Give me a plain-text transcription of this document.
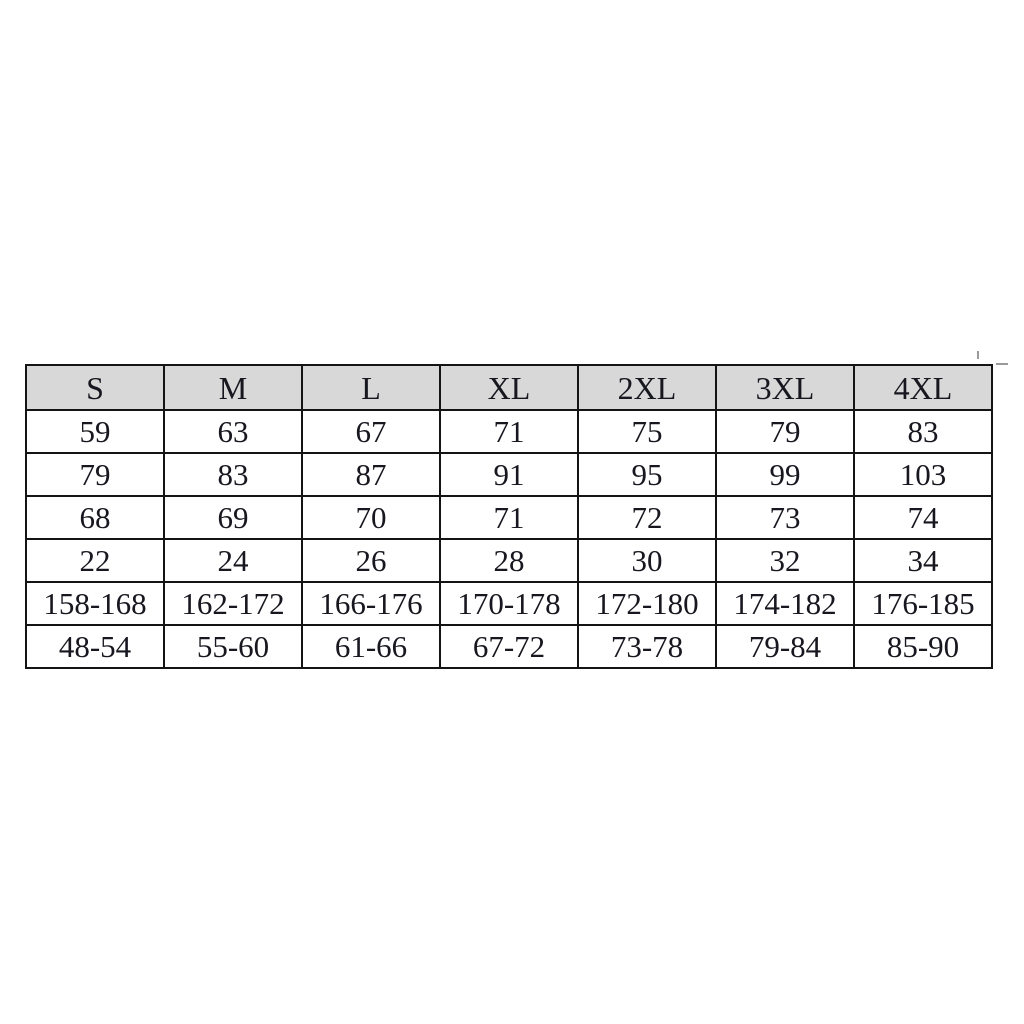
S	M	L	XL	2XL	3XL	4XL
59	63	67	71	75	79	83
79	83	87	91	95	99	103
68	69	70	71	72	73	74
22	24	26	28	30	32	34
158-168	162-172	166-176	170-178	172-180	174-182	176-185
48-54	55-60	61-66	67-72	73-78	79-84	85-90
